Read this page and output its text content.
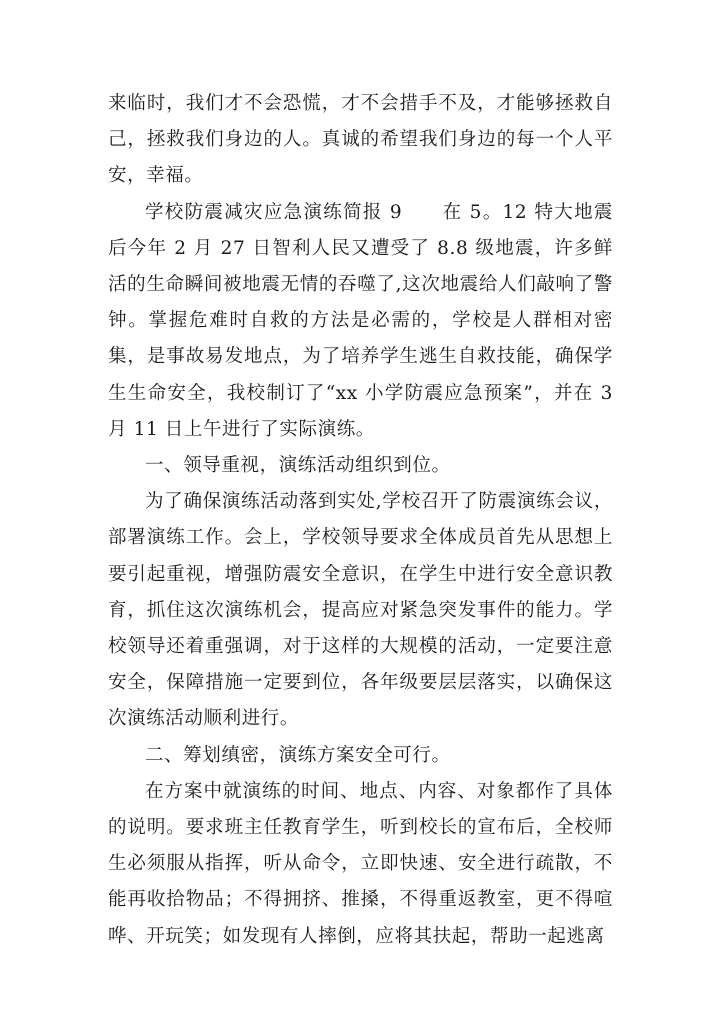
来临时，我们才不会恐慌，才不会措手不及，才能够拯救自己，拯救我们身边的人。真诚的希望我们身边的每一个人平安，幸福。

学校防震减灾应急演练简报 9　　在 5。12 特大地震后今年 2 月 27 日智利人民又遭受了 8.8 级地震，许多鲜活的生命瞬间被地震无情的吞噬了,这次地震给人们敲响了警钟。掌握危难时自救的方法是必需的，学校是人群相对密集，是事故易发地点，为了培养学生逃生自救技能，确保学生生命安全，我校制订了“xx 小学防震应急预案”，并在 3 月 11 日上午进行了实际演练。

一、领导重视，演练活动组织到位。

为了确保演练活动落到实处,学校召开了防震演练会议，部署演练工作。会上，学校领导要求全体成员首先从思想上要引起重视，增强防震安全意识，在学生中进行安全意识教育，抓住这次演练机会，提高应对紧急突发事件的能力。学校领导还着重强调，对于这样的大规模的活动，一定要注意安全，保障措施一定要到位，各年级要层层落实，以确保这次演练活动顺利进行。

二、筹划缜密，演练方案安全可行。

在方案中就演练的时间、地点、内容、对象都作了具体的说明。要求班主任教育学生，听到校长的宣布后，全校师生必须服从指挥，听从命令，立即快速、安全进行疏散，不能再收拾物品；不得拥挤、推搡，不得重返教室，更不得喧哗、开玩笑；如发现有人摔倒，应将其扶起，帮助一起逃离
